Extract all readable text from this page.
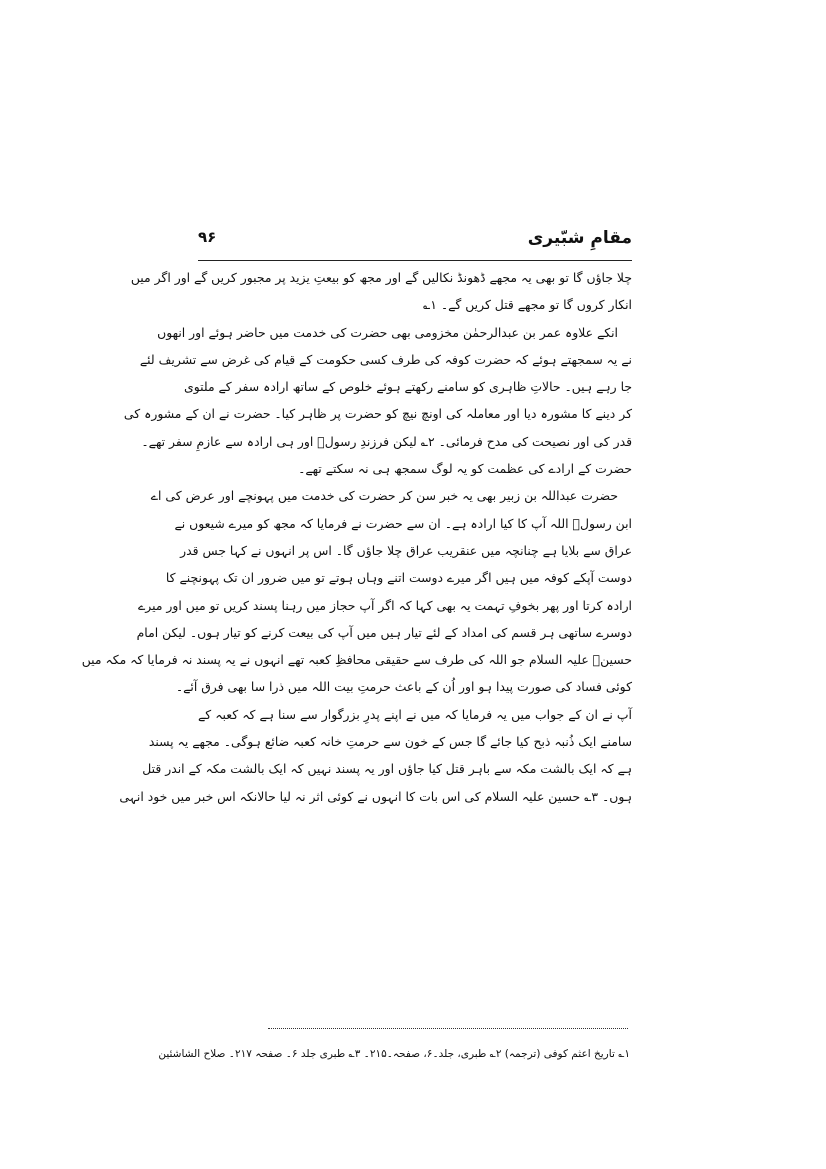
مقامِ شبّیری
۹۶
چلا جاؤں گا تو بھی یہ مجھے ڈھونڈ نکالیں گے اور مجھ کو بیعتِ یزید پر مجبور کریں گے اور اگر میں
انکار کروں گا تو مجھے قتل کریں گے۔ ۱؎
انکے علاوہ عمر بن عبدالرحمٰن مخزومی بھی حضرت کی خدمت میں حاضر ہوئے اور انھوں
نے یہ سمجھتے ہوئے کہ حضرت کوفہ کی طرف کسی حکومت کے قیام کی غرض سے تشریف لئے
جا رہے ہیں۔ حالاتِ ظاہری کو سامنے رکھتے ہوئے خلوص کے ساتھ ارادہ سفر کے ملتوی
کر دینے کا مشورہ دیا اور معاملہ کی اونچ نیچ کو حضرت پر ظاہر کیا۔ حضرت نے ان کے مشورہ کی
قدر کی اور نصیحت کی مدح فرمائی۔ ۲؎ لیکن فرزندِ رسولؐ اور ہی ارادہ سے عازمِ سفر تھے۔
حضرت کے ارادے کی عظمت کو یہ لوگ سمجھ ہی نہ سکتے تھے۔
حضرت عبداللہ بن زبیر بھی یہ خبر سن کر حضرت کی خدمت میں پہونچے اور عرض کی اے
ابن رسولؐ اللہ آپ کا کیا ارادہ ہے۔ ان سے حضرت نے فرمایا کہ مجھ کو میرے شیعوں نے
عراق سے بلایا ہے چنانچہ میں عنقریب عراق چلا جاؤں گا۔ اس پر انہوں نے کہا جس قدر
دوست آپکے کوفہ میں ہیں اگر میرے دوست اتنے وہاں ہوتے تو میں ضرور ان تک پہونچنے کا
ارادہ کرتا اور پھر بخوفِ تہمت یہ بھی کہا کہ اگر آپ حجاز میں رہنا پسند کریں تو میں اور میرے
دوسرے ساتھی ہر قسم کی امداد کے لئے تیار ہیں میں آپ کی بیعت کرنے کو تیار ہوں۔ لیکن امام
حسینؑ علیہ السلام جو اللہ کی طرف سے حقیقی محافظِ کعبہ تھے انہوں نے یہ پسند نہ فرمایا کہ مکہ میں
کوئی فساد کی صورت پیدا ہو اور اُن کے باعث حرمتِ بیت اللہ میں ذرا سا بھی فرق آئے۔
آپ نے ان کے جواب میں یہ فرمایا کہ میں نے اپنے پدرِ بزرگوار سے سنا ہے کہ کعبہ کے
سامنے ایک ذُنبہ ذبح کیا جائے گا جس کے خون سے حرمتِ خانہ کعبہ ضائع ہوگی۔ مجھے یہ پسند
ہے کہ ایک بالشت مکہ سے باہر قتل کیا جاؤں اور یہ پسند نہیں کہ ایک بالشت مکہ کے اندر قتل
ہوں۔ ۳؎ حسین علیہ السلام کی اس بات کا انہوں نے کوئی اثر نہ لیا حالانکہ اس خبر میں خود انہی
۱؎ تاریخ اعثم کوفی (ترجمہ) ۲؎ طبری، جلد۔۶، صفحہ۔۲۱۵۔ ۳؎ طبری جلد ۶۔ صفحہ ۲۱۷۔ صلاح الشاشئین
